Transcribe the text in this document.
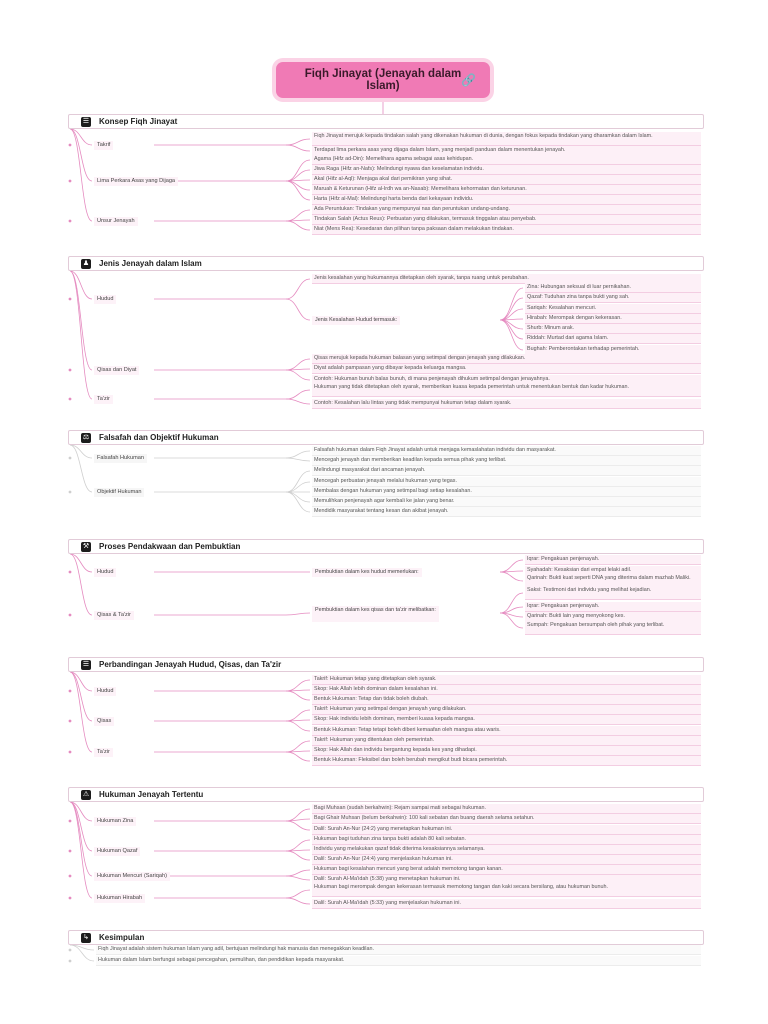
Fiqh Jinayat (Jenayah dalam Islam)	🔗
☰ Konsep Fiqh Jinayat
Takrif
Fiqh Jinayat merujuk kepada tindakan salah yang dikenakan hukuman di dunia, dengan fokus kepada tindakan yang dharamkan dalam Islam.
Terdapat lima perkara asas yang dijaga dalam Islam, yang menjadi panduan dalam menentukan jenayah.
Lima Perkara Asas yang Dijaga
Agama (Hifz ad-Din): Memelihara agama sebagai asas kehidupan.
Jiwa Raga (Hifz an-Nafs): Melindungi nyawa dan keselamatan individu.
Akal (Hifz al-Aql): Menjaga akal dari pemikiran yang sihat.
Maruah & Keturunan (Hifz al-Irdh wa an-Nasab): Memelihara kehormatan dan keturunan.
Harta (Hifz al-Mal): Melindungi harta benda dari kekayaan individu.
Unsur Jenayah
Ada Peruntukan: Tindakan yang mempunyai nas dan peruntukan undang-undang.
Tindakan Salah (Actus Reus): Perbuatan yang dilakukan, termasuk tinggalan atau penyebab.
Niat (Mens Rea): Kesedaran dan pilihan tanpa paksaan dalam melakukan tindakan.
♟ Jenis Jenayah dalam Islam
Hudud
Jenis kesalahan yang hukumannya ditetapkan oleh syarak, tanpa ruang untuk perubahan.
Jenis Kesalahan Hudud termasuk:
Zina: Hubungan seksual di luar pernikahan.
Qazaf: Tuduhan zina tanpa bukti yang sah.
Sariqah: Kesalahan mencuri.
Hirabah: Merompak dengan kekerasan.
Shurb: Minum arak.
Riddah: Murtad dari agama Islam.
Bughah: Pemberontakan terhadap pemerintah.
Qisas dan Diyat
Qisas merujuk kepada hukuman balasan yang setimpal dengan jenayah yang dilakukan.
Diyat adalah pampasan yang dibayar kepada keluarga mangsa.
Contoh: Hukuman bunuh balas bunuh, di mana penjenayah dihukum setimpal dengan jenayahnya.
Ta'zir
Hukuman yang tidak ditetapkan oleh syarak, memberikan kuasa kepada pemerintah untuk menentukan bentuk dan kadar hukuman.
Contoh: Kesalahan lalu lintas yang tidak mempunyai hukuman tetap dalam syarak.
⚖ Falsafah dan Objektif Hukuman
Falsafah Hukuman
Falsafah hukuman dalam Fiqh Jinayat adalah untuk menjaga kemaslahatan individu dan masyarakat.
Mencegah jenayah dan memberikan keadilan kepada semua pihak yang terlibat.
Objektif Hukuman
Melindungi masyarakat dari ancaman jenayah.
Mencegah perbuatan jenayah melalui hukuman yang tegas.
Membalas dengan hukuman yang setimpal bagi setiap kesalahan.
Memulihkan penjenayah agar kembali ke jalan yang benar.
Mendidik masyarakat tentang kesan dan akibat jenayah.
⚒ Proses Pendakwaan dan Pembuktian
Hudud	Pembuktian dalam kes hudud memerlukan:
Iqrar: Pengakuan penjenayah.
Syahadah: Kesaksian dari empat lelaki adil.
Qarinah: Bukti kuat seperti DNA yang diterima dalam mazhab Maliki.
Qisas & Ta'zir
Pembuktian dalam kes qisas dan ta'zir melibatkan:
Saksi: Testimoni dari individu yang melihat kejadian.
Iqrar: Pengakuan penjenayah.
Qarinah: Bukti lain yang menyokong kes.
Sumpah: Pengakuan bersumpah oleh pihak yang terlibat.
☰ Perbandingan Jenayah Hudud, Qisas, dan Ta'zir
Hudud
Takrif: Hukuman tetap yang ditetapkan oleh syarak.
Skop: Hak Allah lebih dominan dalam kesalahan ini.
Bentuk Hukuman: Tetap dan tidak boleh diubah.
Qisas
Takrif: Hukuman yang setimpal dengan jenayah yang dilakukan.
Skop: Hak individu lebih dominan, memberi kuasa kepada mangsa.
Bentuk Hukuman: Tetap tetapi boleh diberi kemaafan oleh mangsa atau waris.
Ta'zir
Takrif: Hukuman yang ditentukan oleh pemerintah.
Skop: Hak Allah dan individu bergantung kepada kes yang dihadapi.
Bentuk Hukuman: Fleksibel dan boleh berubah mengikut budi bicara pemerintah.
⚠ Hukuman Jenayah Tertentu
Hukuman Zina
Bagi Muhsan (sudah berkahwin): Rejam sampai mati sebagai hukuman.
Bagi Ghair Muhsan (belum berkahwin): 100 kali sebatan dan buang daerah selama setahun.
Dalil: Surah An-Nur (24:2) yang menetapkan hukuman ini.
Hukuman Qazaf
Hukuman bagi tuduhan zina tanpa bukti adalah 80 kali sebatan.
Individu yang melakukan qazaf tidak diterima kesaksiannya selamanya.
Dalil: Surah An-Nur (24:4) yang menjelaskan hukuman ini.
Hukuman Mencuri (Sariqah)
Hukuman bagi kesalahan mencuri yang berat adalah memotong tangan kanan.
Dalil: Surah Al-Ma'idah (5:38) yang menetapkan hukuman ini.
Hukuman Hirabah
Hukuman bagi merompak dengan kekerasan termasuk memotong tangan dan kaki secara bersilang, atau hukuman bunuh.
Dalil: Surah Al-Ma'idah (5:33) yang menjelaskan hukuman ini.
↳ Kesimpulan
Fiqh Jinayat adalah sistem hukuman Islam yang adil, bertujuan melindungi hak manusia dan menegakkan keadilan.
Hukuman dalam Islam berfungsi sebagai pencegahan, pemulihan, dan pendidikan kepada masyarakat.
